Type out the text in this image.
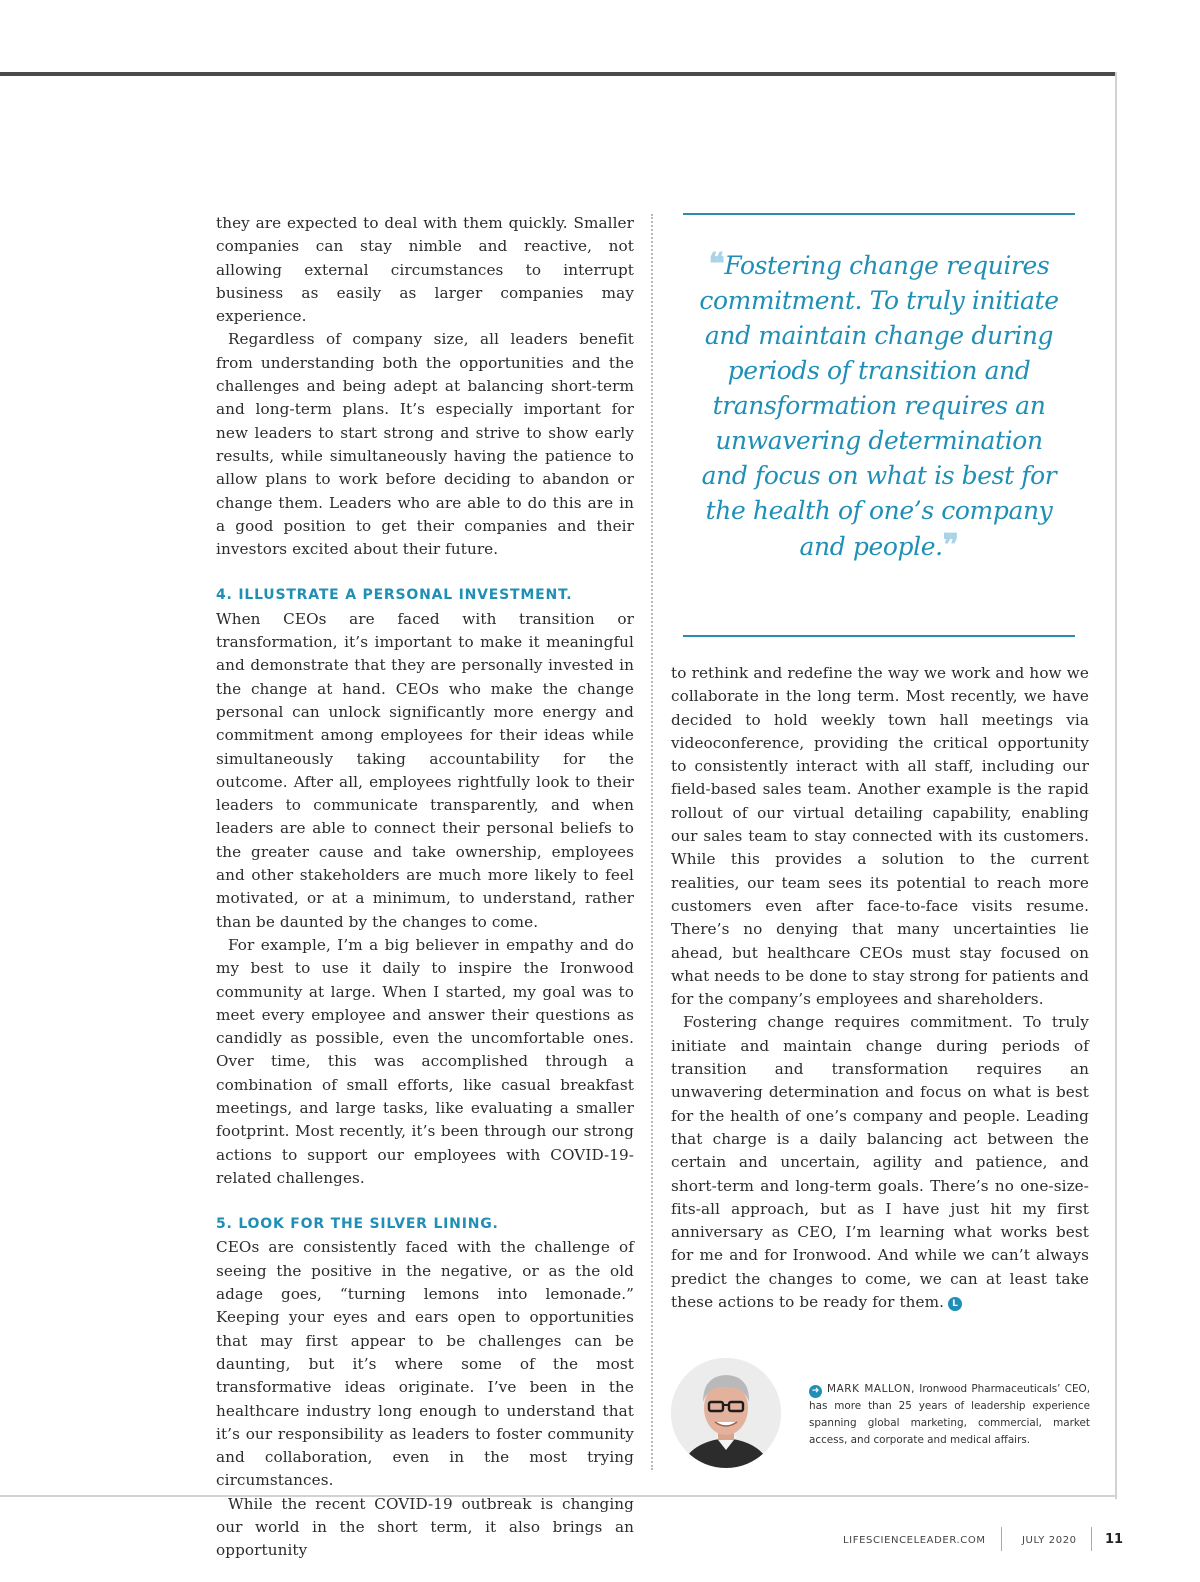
they are expected to deal with them quickly. Smaller companies can stay nimble and reactive, not allowing external circumstances to interrupt business as easily as larger companies may experience.

Regardless of company size, all leaders benefit from understanding both the opportunities and the challenges and being adept at balancing short-term and long-term plans. It’s especially important for new leaders to start strong and strive to show early results, while simultaneously having the patience to allow plans to work before deciding to abandon or change them. Leaders who are able to do this are in a good position to get their companies and their investors excited about their future.

4. ILLUSTRATE A PERSONAL INVESTMENT.

When CEOs are faced with transition or transformation, it’s important to make it meaningful and demonstrate that they are personally invested in the change at hand. CEOs who make the change personal can unlock significantly more energy and commitment among employees for their ideas while simultaneously taking accountability for the outcome. After all, employees rightfully look to their leaders to communicate transparently, and when leaders are able to connect their personal beliefs to the greater cause and take ownership, employees and other stakeholders are much more likely to feel motivated, or at a minimum, to understand, rather than be daunted by the changes to come.

For example, I’m a big believer in empathy and do my best to use it daily to inspire the Ironwood community at large. When I started, my goal was to meet every employee and answer their questions as candidly as possible, even the uncomfortable ones. Over time, this was accomplished through a combination of small efforts, like casual breakfast meetings, and large tasks, like evaluating a smaller footprint. Most recently, it’s been through our strong actions to support our employees with COVID-19-related challenges.

5. LOOK FOR THE SILVER LINING.

CEOs are consistently faced with the challenge of seeing the positive in the negative, or as the old adage goes, “turning lemons into lemonade.” Keeping your eyes and ears open to opportunities that may first appear to be challenges can be daunting, but it’s where some of the most transformative ideas originate. I’ve been in the healthcare industry long enough to understand that it’s our responsibility as leaders to foster community and collaboration, even in the most trying circumstances.

While the recent COVID-19 outbreak is changing our world in the short term, it also brings an opportunity

❝Fostering change requires commitment. To truly initiate and maintain change during periods of transition and transformation requires an unwavering determination and focus on what is best for the health of one’s company and people.❞

to rethink and redefine the way we work and how we collaborate in the long term. Most recently, we have decided to hold weekly town hall meetings via videoconference, providing the critical opportunity to consistently interact with all staff, including our field-based sales team. Another example is the rapid rollout of our virtual detailing capability, enabling our sales team to stay connected with its customers. While this provides a solution to the current realities, our team sees its potential to reach more customers even after face-to-face visits resume. There’s no denying that many uncertainties lie ahead, but healthcare CEOs must stay focused on what needs to be done to stay strong for patients and for the company’s employees and shareholders.

Fostering change requires commitment. To truly initiate and maintain change during periods of transition and transformation requires an unwavering determination and focus on what is best for the health of one’s company and people. Leading that charge is a daily balancing act between the certain and uncertain, agility and patience, and short-term and long-term goals. There’s no one-size-fits-all approach, but as I have just hit my first anniversary as CEO, I’m learning what works best for me and for Ironwood. And while we can’t always predict the changes to come, we can at least take these actions to be ready for them. L

➜ MARK MALLON, Ironwood Pharmaceuticals’ CEO, has more than 25 years of leadership experience spanning global marketing, commercial, market access, and corporate and medical affairs.
LIFESCIENCELEADER.COM	JULY 2020 11
